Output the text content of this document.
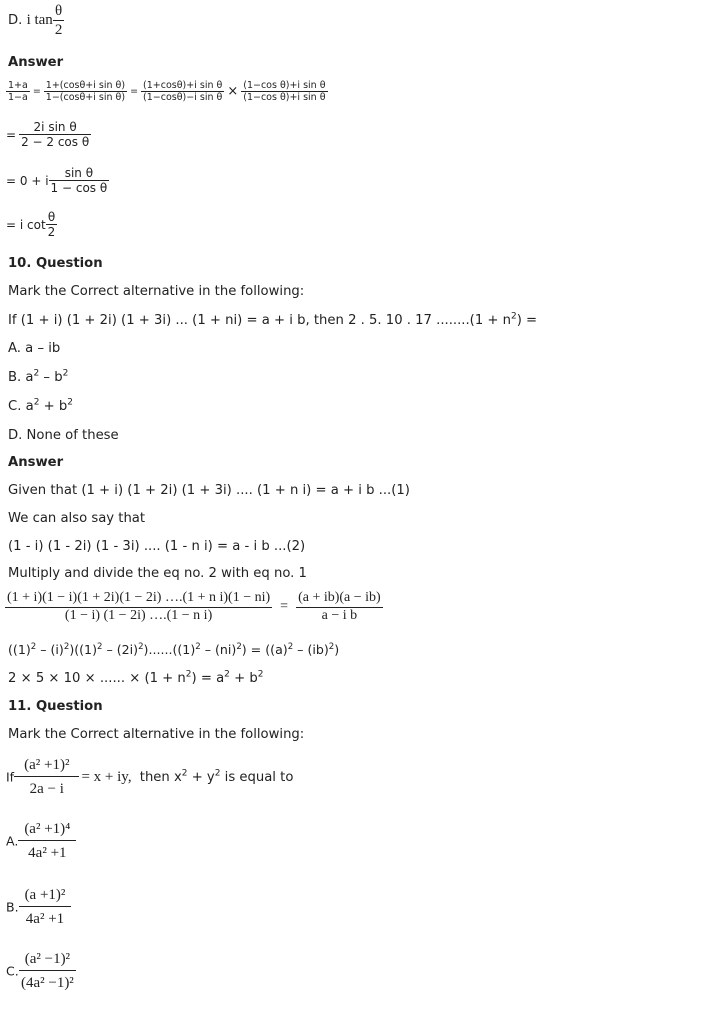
D. i $\tan \frac{\theta}{2}$
Answer
$\frac{1+a}{1-a} = \frac{\text{1+(cosθ+i sin θ)}}{\text{1−(cosθ+i sin θ)}} = \frac{\text{(1+cosθ)+i sin θ}}{\text{(1−cosθ)−i sin θ}} \times \frac{\text{(1−cos θ)+i sin θ}}{\text{(1−cos θ)+i sin θ}}$
= $\frac{\text{2i sin θ}}{\text{2 − 2 cos θ}}$
= 0 + i $\frac{\text{sin θ}}{\text{1 − cos θ}}$
= i $\cot \frac{\theta}{2}$
10. Question
Mark the Correct alternative in the following:
If (1 + i) (1 + 2i) (1 + 3i) ... (1 + ni) = a + i b, then 2 . 5. 10 . 17 $........(1 + n^2)$ =
A. a – ib
B. $a^2 - b^2$
C. $a^2 + b^2$
D. None of these
Answer
Given that (1 + i) (1 + 2i) (1 + 3i) .... (1 + n i) = a + i b ...(1)
We can also say that
(1 - i) (1 - 2i) (1 - 3i) .... (1 - n i) = a - i b ...(2)
Multiply and divide the eq no. 2 with eq no. 1
$\frac{\text{(1 + i)(1 − i)(1 + 2i)(1 − 2i) ….(1 + n i)(1 − ni)}}{\text{(1 − i) (1 − 2i) ….(1 − n i)}} = \frac{(a + ib)(a - ib)}{\text{a − i b}}$
$((1)^2 - (i)^2)((1)^2 - (2i)^2)......((1)^2 - (ni)^2) = ((a)^2 - (ib)^2)$
2 × 5 × 10 × ...... × $(1 + n^2) = a^2 + b^2$
11. Question
Mark the Correct alternative in the following:
If $\frac{\text{(a² +1)²}}{2a - i} = x$ + iy, then $x^2 + y^2$ is equal to
A. $\frac{\text{(a² +1)⁴}}{\text{4a² +1}}$
B. $\frac{\text{(a +1)²}}{\text{4a² +1}}$
C. $\frac{\text{(a² −1)²}}{\text{(4a² −1)²}}$
